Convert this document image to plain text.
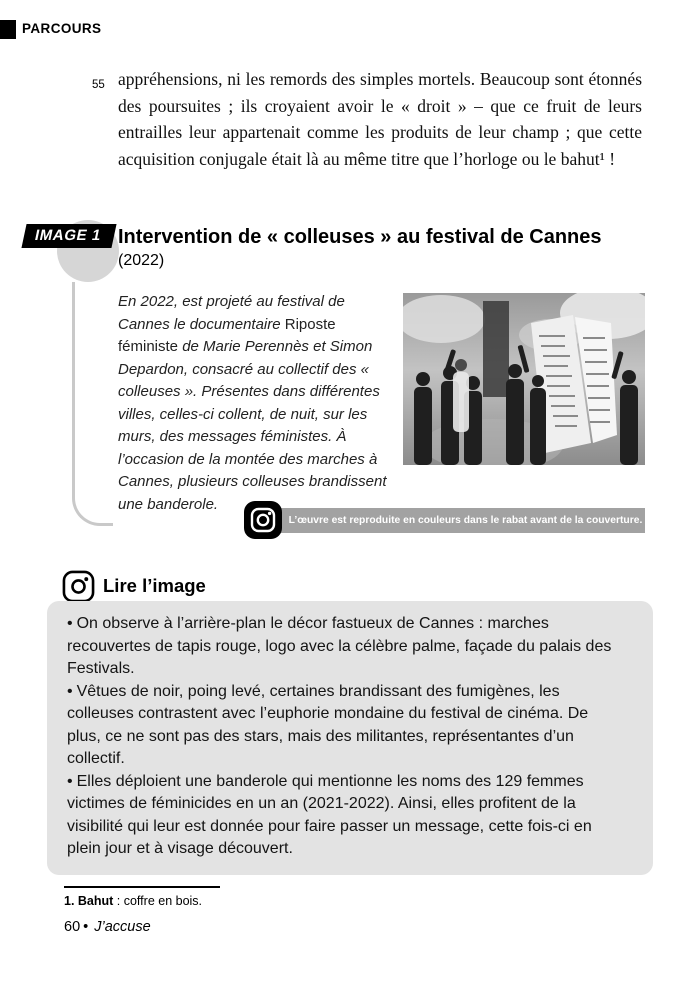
PARCOURS
55 appréhensions, ni les remords des simples mortels. Beaucoup sont étonnés des poursuites ; ils croyaient avoir le « droit » – que ce fruit de leurs entrailles leur appartenait comme les produits de leur champ ; que cette acquisition conjugale était là au même titre que l’horloge ou le bahut¹ !
IMAGE 1 Intervention de « colleuses » au festival de Cannes
(2022)
En 2022, est projeté au festival de Cannes le documentaire Riposte féministe de Marie Perennès et Simon Depardon, consacré au collectif des « colleuses ». Présentes dans différentes villes, celles-ci collent, de nuit, sur les murs, des messages féministes. À l’occasion de la montée des marches à Cannes, plusieurs colleuses brandissent une banderole.
L’œuvre est reproduite en couleurs dans le rabat avant de la couverture.
Lire l’image

• On observe à l’arrière-plan le décor fastueux de Cannes : marches recouvertes de tapis rouge, logo avec la célèbre palme, façade du palais des Festivals.

• Vêtues de noir, poing levé, certaines brandissant des fumigènes, les colleuses contrastent avec l’euphorie mondaine du festival de cinéma. De plus, ce ne sont pas des stars, mais des militantes, représentantes d’un collectif.

• Elles déploient une banderole qui mentionne les noms des 129 femmes victimes de féminicides en un an (2021-2022). Ainsi, elles profitent de la visibilité qui leur est donnée pour faire passer un message, cette fois-ci en plein jour et à visage découvert.

1. Bahut : coffre en bois.
60 • J’accuse
